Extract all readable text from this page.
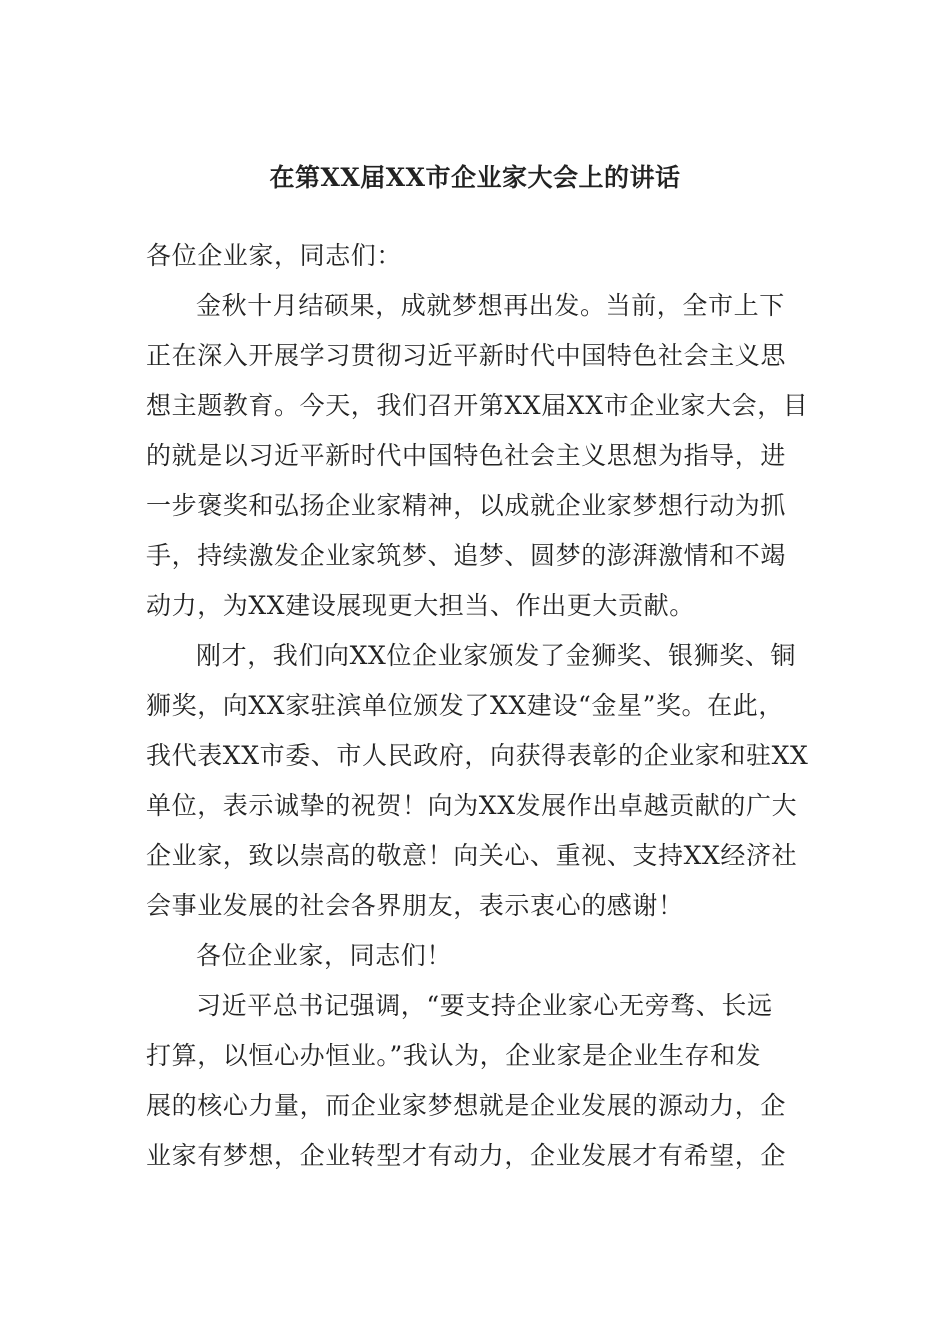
在第XX届XX市企业家大会上的讲话

各位企业家，同志们：

金秋十月结硕果，成就梦想再出发。当前，全市上下

正在深入开展学习贯彻习近平新时代中国特色社会主义思

想主题教育。今天，我们召开第XX届XX市企业家大会，目

的就是以习近平新时代中国特色社会主义思想为指导，进

一步褒奖和弘扬企业家精神，以成就企业家梦想行动为抓

手，持续激发企业家筑梦、追梦、圆梦的澎湃激情和不竭

动力，为XX建设展现更大担当、作出更大贡献。

刚才，我们向XX位企业家颁发了金狮奖、银狮奖、铜

狮奖，向XX家驻滨单位颁发了XX建设“金星”奖。在此，

我代表XX市委、市人民政府，向获得表彰的企业家和驻XX

单位，表示诚挚的祝贺！向为XX发展作出卓越贡献的广大

企业家，致以崇高的敬意！向关心、重视、支持XX经济社

会事业发展的社会各界朋友，表示衷心的感谢！

各位企业家，同志们！

习近平总书记强调，“要支持企业家心无旁骛、长远

打算，以恒心办恒业。”我认为，企业家是企业生存和发

展的核心力量，而企业家梦想就是企业发展的源动力，企

业家有梦想，企业转型才有动力，企业发展才有希望，企
